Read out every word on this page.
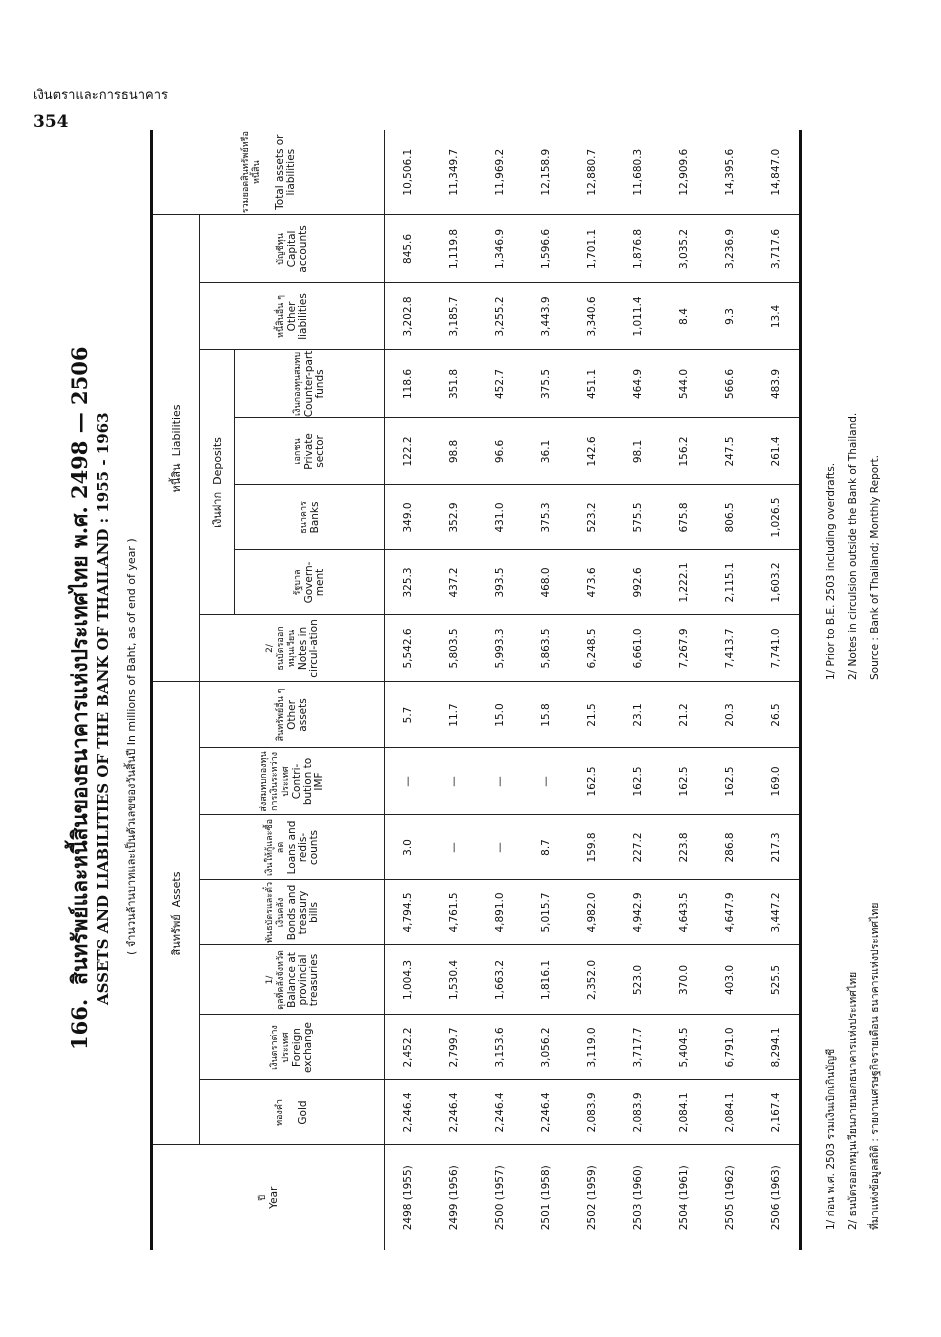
เงินตราและการธนาคาร
354
166.สินทรัพย์และหนี้สินของธนาคารแห่งประเทศไทย พ.ศ. 2498 — 2506 ASSETS AND LIABILITIES OF THE BANK OF THAILAND : 1955 - 1963 ( จำนวนล้านบาทและเป็นตัวเลขของวันสิ้นปี In millions of Baht, as of end of year )
ปี Year	สินทรัพย์  Assets							หนี้สิน  Liabilities							รวมยอดสินทรัพย์หรือหนี้สิน Total assets or liabilities

	ทองคำ Gold	เงินตราต่างประเทศ Foreign exchange	1/ ดุลที่คลังจังหวัด Balance at provincial treasuries	พันธบัตรและตั๋วเงินคลัง Bonds and treasury bills	เงินให้กู้และซื้อลด Loans and redis-counts	ส่งสมทบกองทุนการเงินระหว่างประเทศ Contri-bution to IMF	สินทรัพย์อื่น ๆ Other assets	2/ ธนบัตรออกหมุนเวียน Notes in circul-ation	เงินฝาก  Deposits				หนี้สินอื่น ๆ Other liabilities	บัญชีทุน Capital accounts	

									รัฐบาล Govern-ment	ธนาคาร Banks	เอกชน Private sector	เงินกองทุนสมทบ Counter-part funds			

2498 (1955)	2,246.4	2,452.2	1,004.3	4,794.5	3.0	—	5.7	5,542.6	325.3	349.0	122.2	118.6	3,202.8	845.6	10,506.1
2499 (1956)	2,246.4	2,799.7	1,530.4	4,761.5	—	—	11.7	5,803.5	437.2	352.9	98.8	351.8	3,185.7	1,119.8	11,349.7
2500 (1957)	2,246.4	3,153.6	1,663.2	4,891.0	—	—	15.0	5,993.3	393.5	431.0	96.6	452.7	3,255.2	1,346.9	11,969.2
2501 (1958)	2,246.4	3,056.2	1,816.1	5,015.7	8.7	—	15.8	5,863.5	468.0	375.3	36.1	375.5	3,443.9	1,596.6	12,158.9
2502 (1959)	2,083.9	3,119.0	2,352.0	4,982.0	159.8	162.5	21.5	6,248.5	473.6	523.2	142.6	451.1	3,340.6	1,701.1	12,880.7
2503 (1960)	2,083.9	3,717.7	523.0	4,942.9	227.2	162.5	23.1	6,661.0	992.6	575.5	98.1	464.9	1,011.4	1,876.8	11,680.3
2504 (1961)	2,084.1	5,404.5	370.0	4,643.5	223.8	162.5	21.2	7,267.9	1,222.1	675.8	156.2	544.0	8.4	3,035.2	12,909.6
2505 (1962)	2,084.1	6,791.0	403.0	4,647.9	286.8	162.5	20.3	7,413.7	2,115.1	806.5	247.5	566.6	9.3	3,236.9	14,395.6
2506 (1963)	2,167.4	8,294.1	525.5	3,447.2	217.3	169.0	26.5	7,741.0	1,603.2	1,026.5	261.4	483.9	13.4	3,717.6	14,847.0
1/ ก่อน พ.ศ. 2503 รวมเงินเบิกเกินบัญชี 2/ ธนบัตรออกหมุนเวียนภายนอกธนาคารแห่งประเทศไทย ที่มาแห่งข้อมูลสถิติ : รายงานเศรษฐกิจรายเดือน ธนาคารแห่งประเทศไทย
1/ Prior to B.E. 2503 including overdrafts. 2/ Notes in circulsion outside the Bank of Thailand. Source : Bank of Thailand; Monthly Report.
